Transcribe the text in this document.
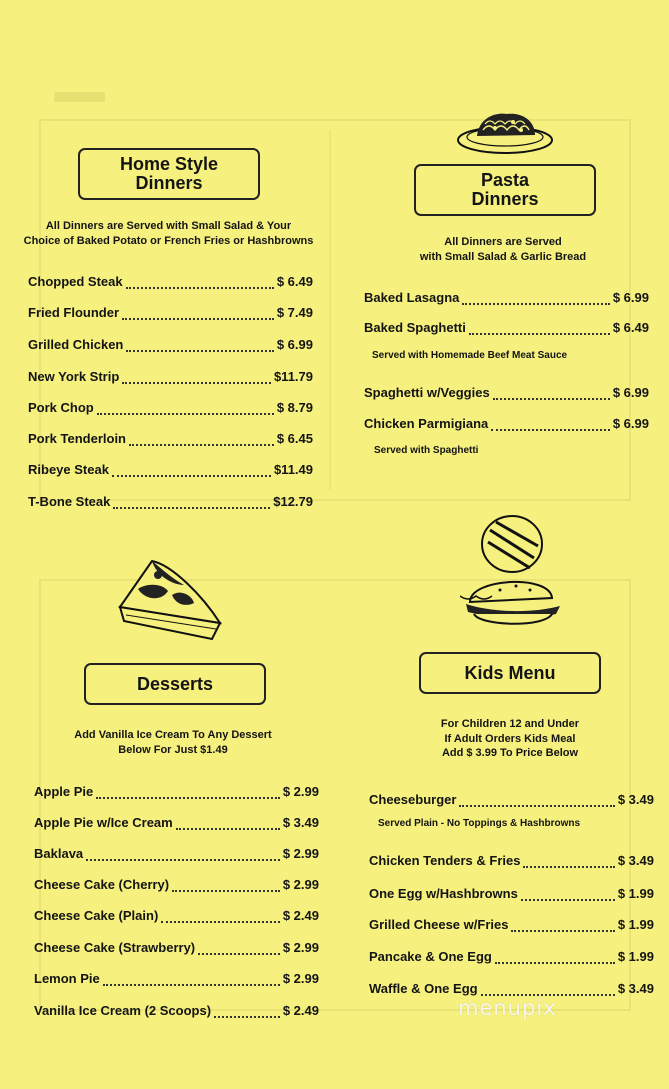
▁
Home Style
Dinners
All Dinners are Served with Small Salad & Your
Choice of Baked Potato or French Fries or Hashbrowns
Chopped Steak	$ 6.49
Fried Flounder	$ 7.49
Grilled Chicken	$ 6.99
New York Strip	$11.79
Pork Chop	$ 8.79
Pork Tenderloin	$ 6.45
Ribeye Steak	$11.49
T-Bone Steak	$12.79
Pasta
Dinners
All Dinners are Served
with Small Salad & Garlic Bread
Baked Lasagna	$ 6.99
Baked Spaghetti	$ 6.49
Served with Homemade Beef Meat Sauce
Spaghetti w/Veggies	$ 6.99
Chicken Parmigiana	$ 6.99
Served with Spaghetti
Desserts
Add Vanilla Ice Cream To Any Dessert
Below For Just $1.49
Apple Pie	$ 2.99
Apple Pie w/Ice Cream	$ 3.49
Baklava	$ 2.99
Cheese Cake (Cherry)	$ 2.99
Cheese Cake (Plain)	$ 2.49
Cheese Cake (Strawberry)	$ 2.99
Lemon Pie	$ 2.99
Vanilla Ice Cream (2 Scoops)	$ 2.49
Kids Menu
For Children 12 and Under
If Adult Orders Kids Meal
Add $ 3.99 To Price Below
Cheeseburger	$ 3.49
Served Plain - No Toppings & Hashbrowns
Chicken Tenders & Fries	$ 3.49
One Egg w/Hashbrowns	$ 1.99
Grilled Cheese w/Fries	$ 1.99
Pancake & One Egg	$ 1.99
Waffle & One Egg	$ 3.49
menupix
